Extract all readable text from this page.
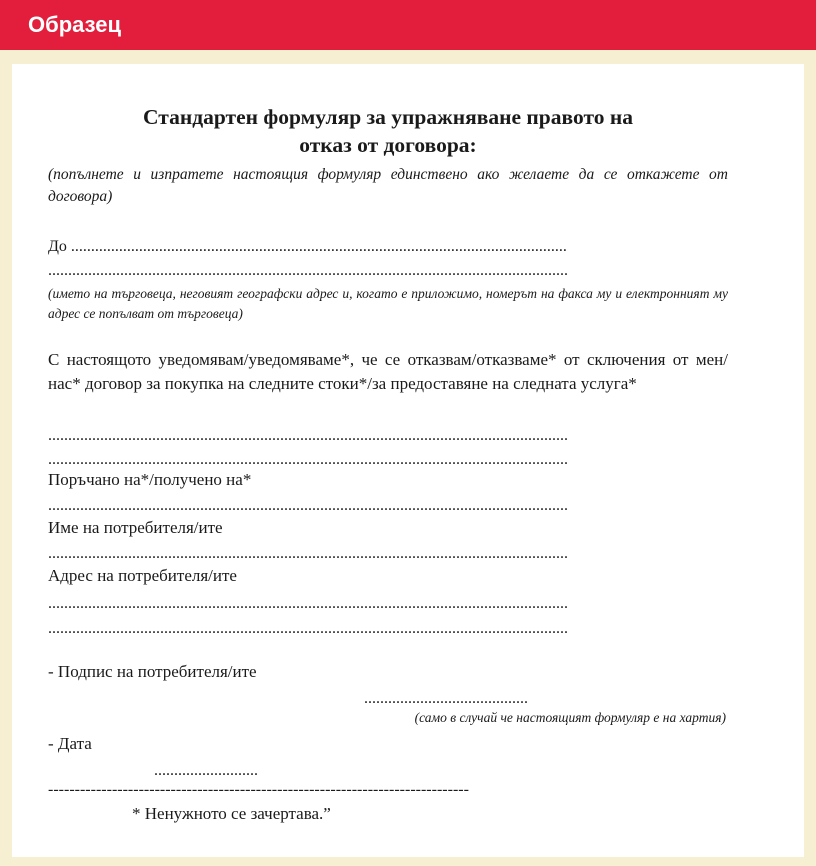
Образец

Стандартен формуляр за упражняване правото на

отказ от договора:

(попълнете и изпратете настоящия формуляр единствено ако желаете да се откажете от договора)
До ............................................................................................................................
..................................................................................................................................
(името на търговеца, неговият географски адрес и, когато е приложимо, номерът на факса му и електронният му адрес се попълват от търговеца)
С настоящото уведомявам/уведомяваме*, че се отказвам/отказваме* от сключения от мен/нас* договор за покупка на следните стоки*/за предоставяне на следната услуга*
..................................................................................................................................
..................................................................................................................................
Поръчано на*/получено на*
..................................................................................................................................
Име на потребителя/ите
..................................................................................................................................
Адрес на потребителя/ите
..................................................................................................................................
..................................................................................................................................
- Подпис на потребителя/ите
.........................................
(само в случай че настоящият формуляр е на хартия)
- Дата
..........................
-------------------------------------------------------------------------------
* Ненужното се зачертава.”
